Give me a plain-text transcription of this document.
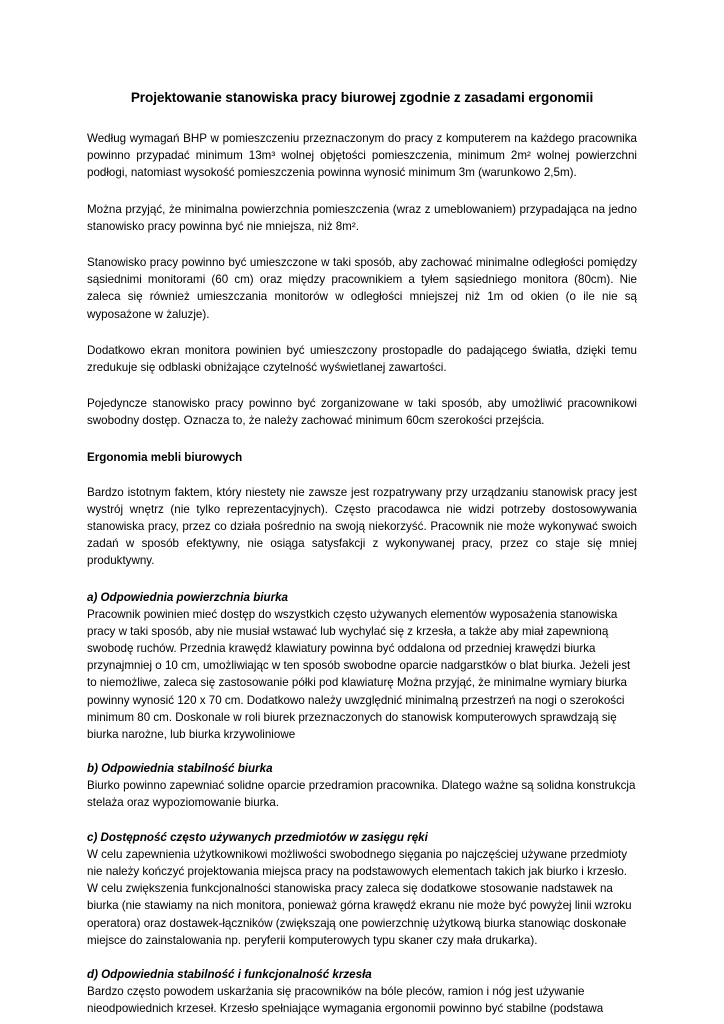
Projektowanie stanowiska pracy biurowej zgodnie z zasadami ergonomii

Według wymagań BHP w pomieszczeniu przeznaczonym do pracy z komputerem na każdego pracownika powinno przypadać minimum 13m³ wolnej objętości pomieszczenia, minimum 2m² wolnej powierzchni podłogi, natomiast wysokość pomieszczenia powinna wynosić minimum 3m (warunkowo 2,5m).

Można przyjąć, że minimalna powierzchnia pomieszczenia (wraz z umeblowaniem) przypadająca na jedno stanowisko pracy powinna być nie mniejsza, niż 8m².

Stanowisko pracy powinno być umieszczone w taki sposób, aby zachować minimalne odległości pomiędzy sąsiednimi monitorami (60 cm) oraz między pracownikiem a tyłem sąsiedniego monitora (80cm). Nie zaleca się również umieszczania monitorów w odległości mniejszej niż 1m od okien (o ile nie są wyposażone w żaluzje).

Dodatkowo ekran monitora powinien być umieszczony prostopadle do padającego światła, dzięki temu zredukuje się odblaski obniżające czytelność wyświetlanej zawartości.

Pojedyncze stanowisko pracy powinno być zorganizowane w taki sposób, aby umożliwić pracownikowi swobodny dostęp. Oznacza to, że należy zachować minimum 60cm szerokości przejścia.

Ergonomia mebli biurowych

Bardzo istotnym faktem, który niestety nie zawsze jest rozpatrywany przy urządzaniu stanowisk pracy jest wystrój wnętrz (nie tylko reprezentacyjnych). Często pracodawca nie widzi potrzeby dostosowywania stanowiska pracy, przez co działa pośrednio na swoją niekorzyść. Pracownik nie może wykonywać swoich zadań w sposób efektywny, nie osiąga satysfakcji z wykonywanej pracy, przez co staje się mniej produktywny.

a) Odpowiednia powierzchnia biurka

Pracownik powinien mieć dostęp do wszystkich często używanych elementów wyposażenia stanowiska pracy w taki sposób, aby nie musiał wstawać lub wychylać się z krzesła, a także aby miał zapewnioną swobodę ruchów. Przednia krawędź klawiatury powinna być oddalona od przedniej krawędzi biurka przynajmniej o 10 cm, umożliwiając w ten sposób swobodne oparcie nadgarstków o blat biurka. Jeżeli jest to niemożliwe, zaleca się zastosowanie półki pod klawiaturę Można przyjąć, że minimalne wymiary biurka powinny wynosić 120 x 70 cm. Dodatkowo należy uwzględnić minimalną przestrzeń na nogi o szerokości minimum 80 cm. Doskonale w roli biurek przeznaczonych do stanowisk komputerowych sprawdzają się biurka narożne, lub biurka krzywoliniowe

b) Odpowiednia stabilność biurka

Biurko powinno zapewniać solidne oparcie przedramion pracownika. Dlatego ważne są solidna konstrukcja stelaża oraz wypoziomowanie biurka.

c) Dostępność często używanych przedmiotów w zasięgu ręki

W celu zapewnienia użytkownikowi możliwości swobodnego sięgania po najczęściej używane przedmioty nie należy kończyć projektowania miejsca pracy na podstawowych elementach takich jak biurko i krzesło. W celu zwiększenia funkcjonalności stanowiska pracy zaleca się dodatkowe stosowanie nadstawek na biurka (nie stawiamy na nich monitora, ponieważ górna krawędź ekranu nie może być powyżej linii wzroku operatora) oraz dostawek-łączników (zwiększają one powierzchnię użytkową biurka stanowiąc doskonałe miejsce do zainstalowania np. peryferii komputerowych typu skaner czy mała drukarka).

d) Odpowiednia stabilność i funkcjonalność krzesła

Bardzo często powodem uskarżania się pracowników na bóle pleców, ramion i nóg jest używanie nieodpowiednich krzeseł. Krzesło spełniające wymagania ergonomii powinno być stabilne (podstawa
